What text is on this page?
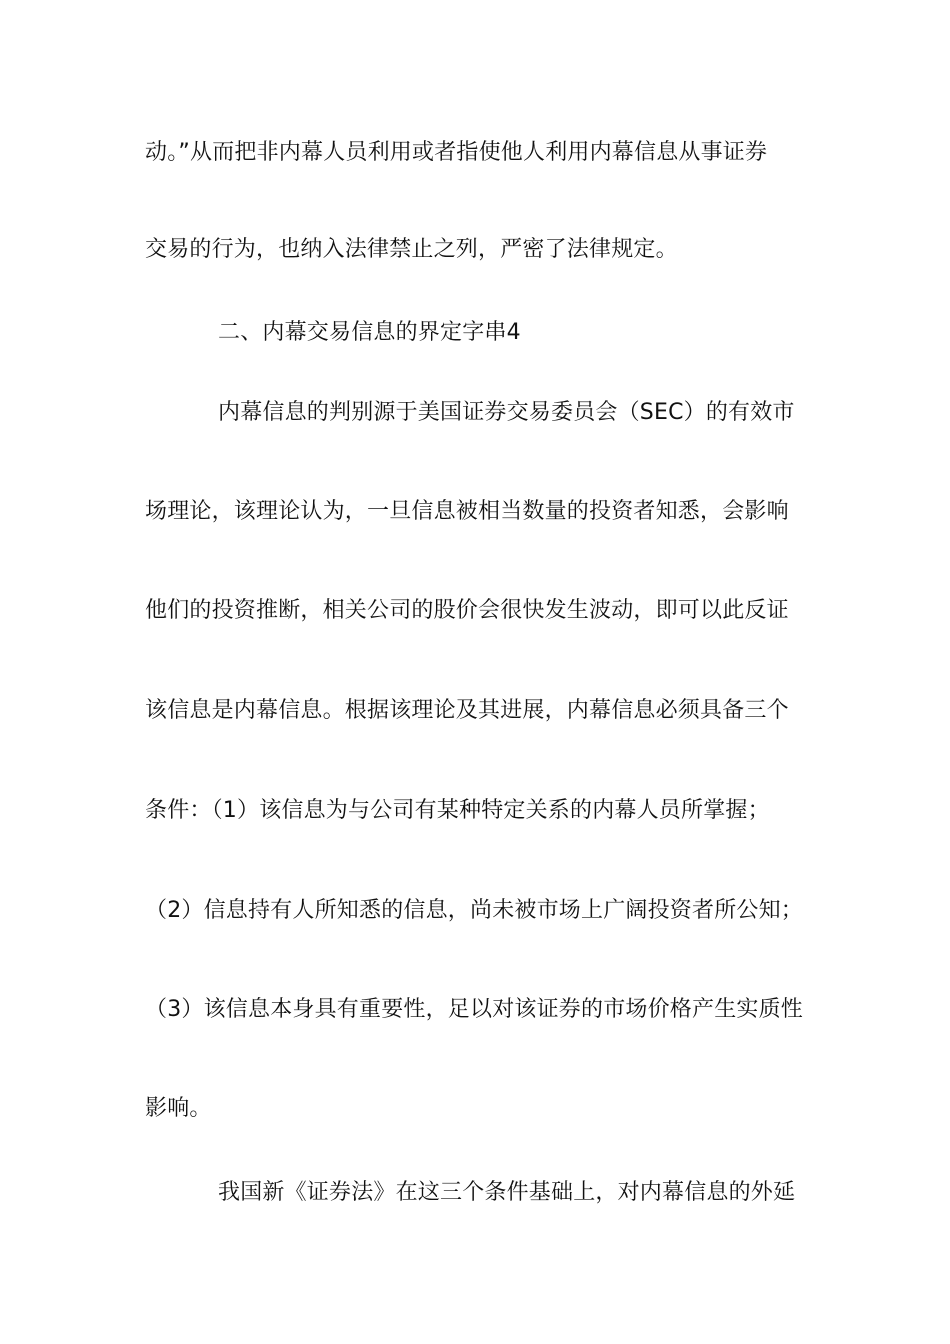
动。”从而把非内幕人员利用或者指使他人利用内幕信息从事证券
交易的行为，也纳入法律禁止之列，严密了法律规定。
二、内幕交易信息的界定字串4
内幕信息的判别源于美国证券交易委员会（SEC）的有效市
场理论，该理论认为，一旦信息被相当数量的投资者知悉，会影响
他们的投资推断，相关公司的股价会很快发生波动，即可以此反证
该信息是内幕信息。根据该理论及其进展，内幕信息必须具备三个
条件：（1）该信息为与公司有某种特定关系的内幕人员所掌握；
（2）信息持有人所知悉的信息，尚未被市场上广阔投资者所公知；
（3）该信息本身具有重要性，足以对该证券的市场价格产生实质性
影响。
我国新《证券法》在这三个条件基础上，对内幕信息的外延
